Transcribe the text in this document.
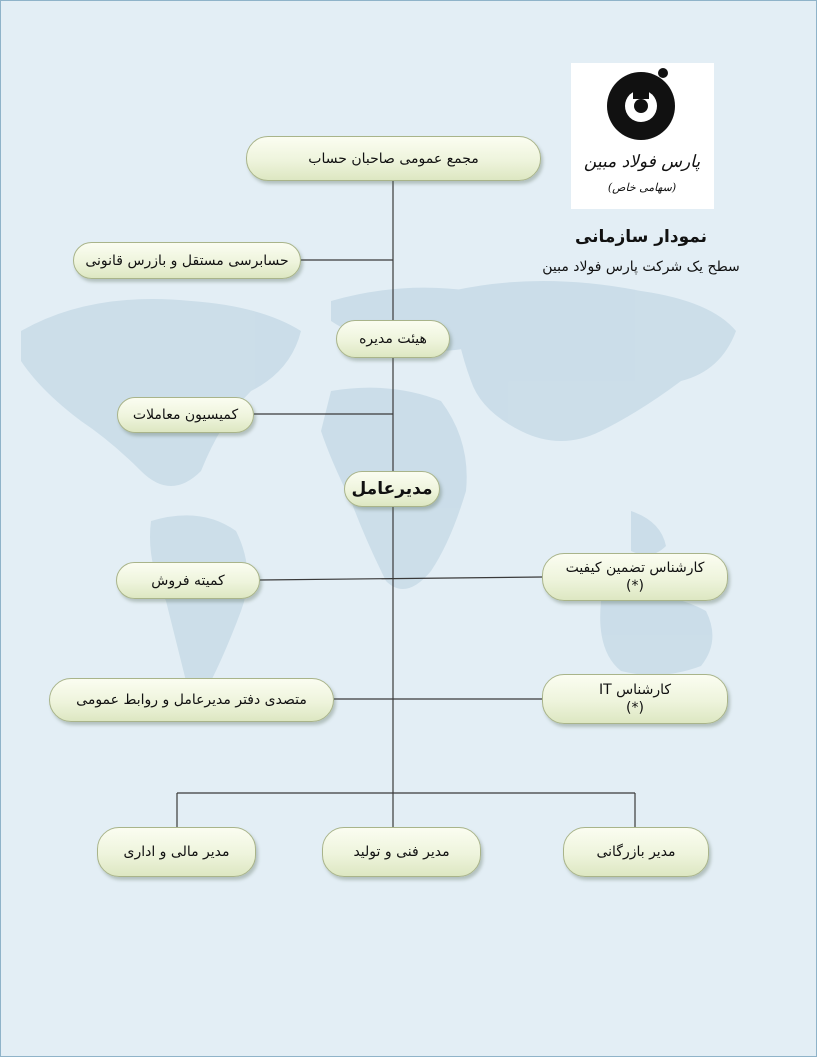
پارس فولاد مبین
(سهامی خاص)
نمودار سازمانی
سطح یک شرکت پارس فولاد مبین
مجمع عمومی صاحبان حساب
حسابرسی مستقل و بازرس قانونی
هیئت مدیره
کمیسیون معاملات
مدیرعامل
کمیته فروش
کارشناس تضمین کیفیت
(*)
متصدی دفتر مدیرعامل و روابط عمومی
کارشناس IT
(*)
مدیر مالی و اداری	مدیر فنی و تولید	مدیر بازرگانی
